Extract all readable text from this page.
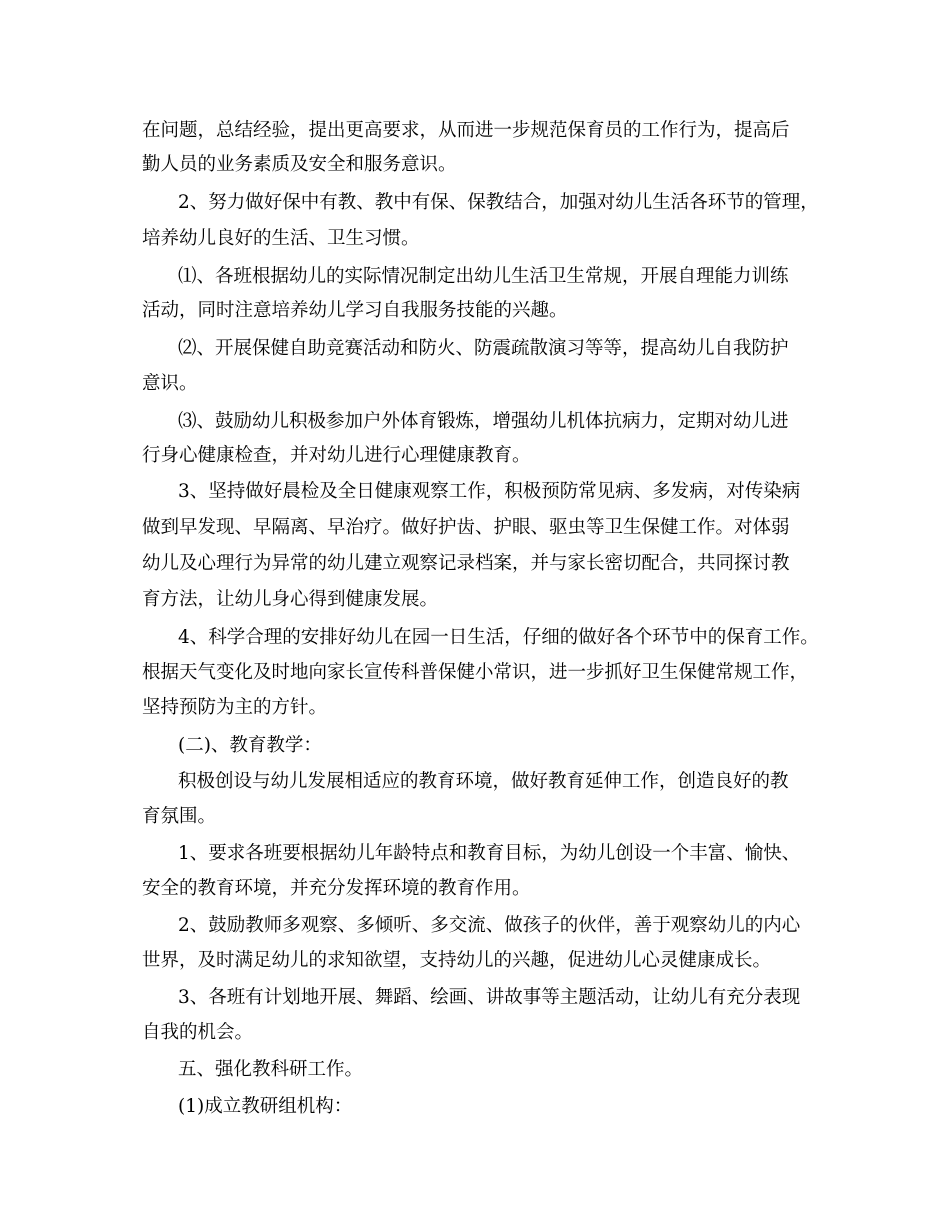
在问题，总结经验，提出更高要求，从而进一步规范保育员的工作行为，提高后
勤人员的业务素质及安全和服务意识。
2、努力做好保中有教、教中有保、保教结合，加强对幼儿生活各环节的管理，
培养幼儿良好的生活、卫生习惯。
⑴、各班根据幼儿的实际情况制定出幼儿生活卫生常规，开展自理能力训练
活动，同时注意培养幼儿学习自我服务技能的兴趣。
⑵、开展保健自助竞赛活动和防火、防震疏散演习等等，提高幼儿自我防护
意识。
⑶、鼓励幼儿积极参加户外体育锻炼，增强幼儿机体抗病力，定期对幼儿进
行身心健康检查，并对幼儿进行心理健康教育。
3、坚持做好晨检及全日健康观察工作，积极预防常见病、多发病，对传染病
做到早发现、早隔离、早治疗。做好护齿、护眼、驱虫等卫生保健工作。对体弱
幼儿及心理行为异常的幼儿建立观察记录档案，并与家长密切配合，共同探讨教
育方法，让幼儿身心得到健康发展。
4、科学合理的安排好幼儿在园一日生活，仔细的做好各个环节中的保育工作。
根据天气变化及时地向家长宣传科普保健小常识，进一步抓好卫生保健常规工作，
坚持预防为主的方针。
(二)、教育教学：
积极创设与幼儿发展相适应的教育环境，做好教育延伸工作，创造良好的教
育氛围。
1、要求各班要根据幼儿年龄特点和教育目标，为幼儿创设一个丰富、愉快、
安全的教育环境，并充分发挥环境的教育作用。
2、鼓励教师多观察、多倾听、多交流、做孩子的伙伴，善于观察幼儿的内心
世界，及时满足幼儿的求知欲望，支持幼儿的兴趣，促进幼儿心灵健康成长。
3、各班有计划地开展、舞蹈、绘画、讲故事等主题活动，让幼儿有充分表现
自我的机会。
五、强化教科研工作。
(1)成立教研组机构：
